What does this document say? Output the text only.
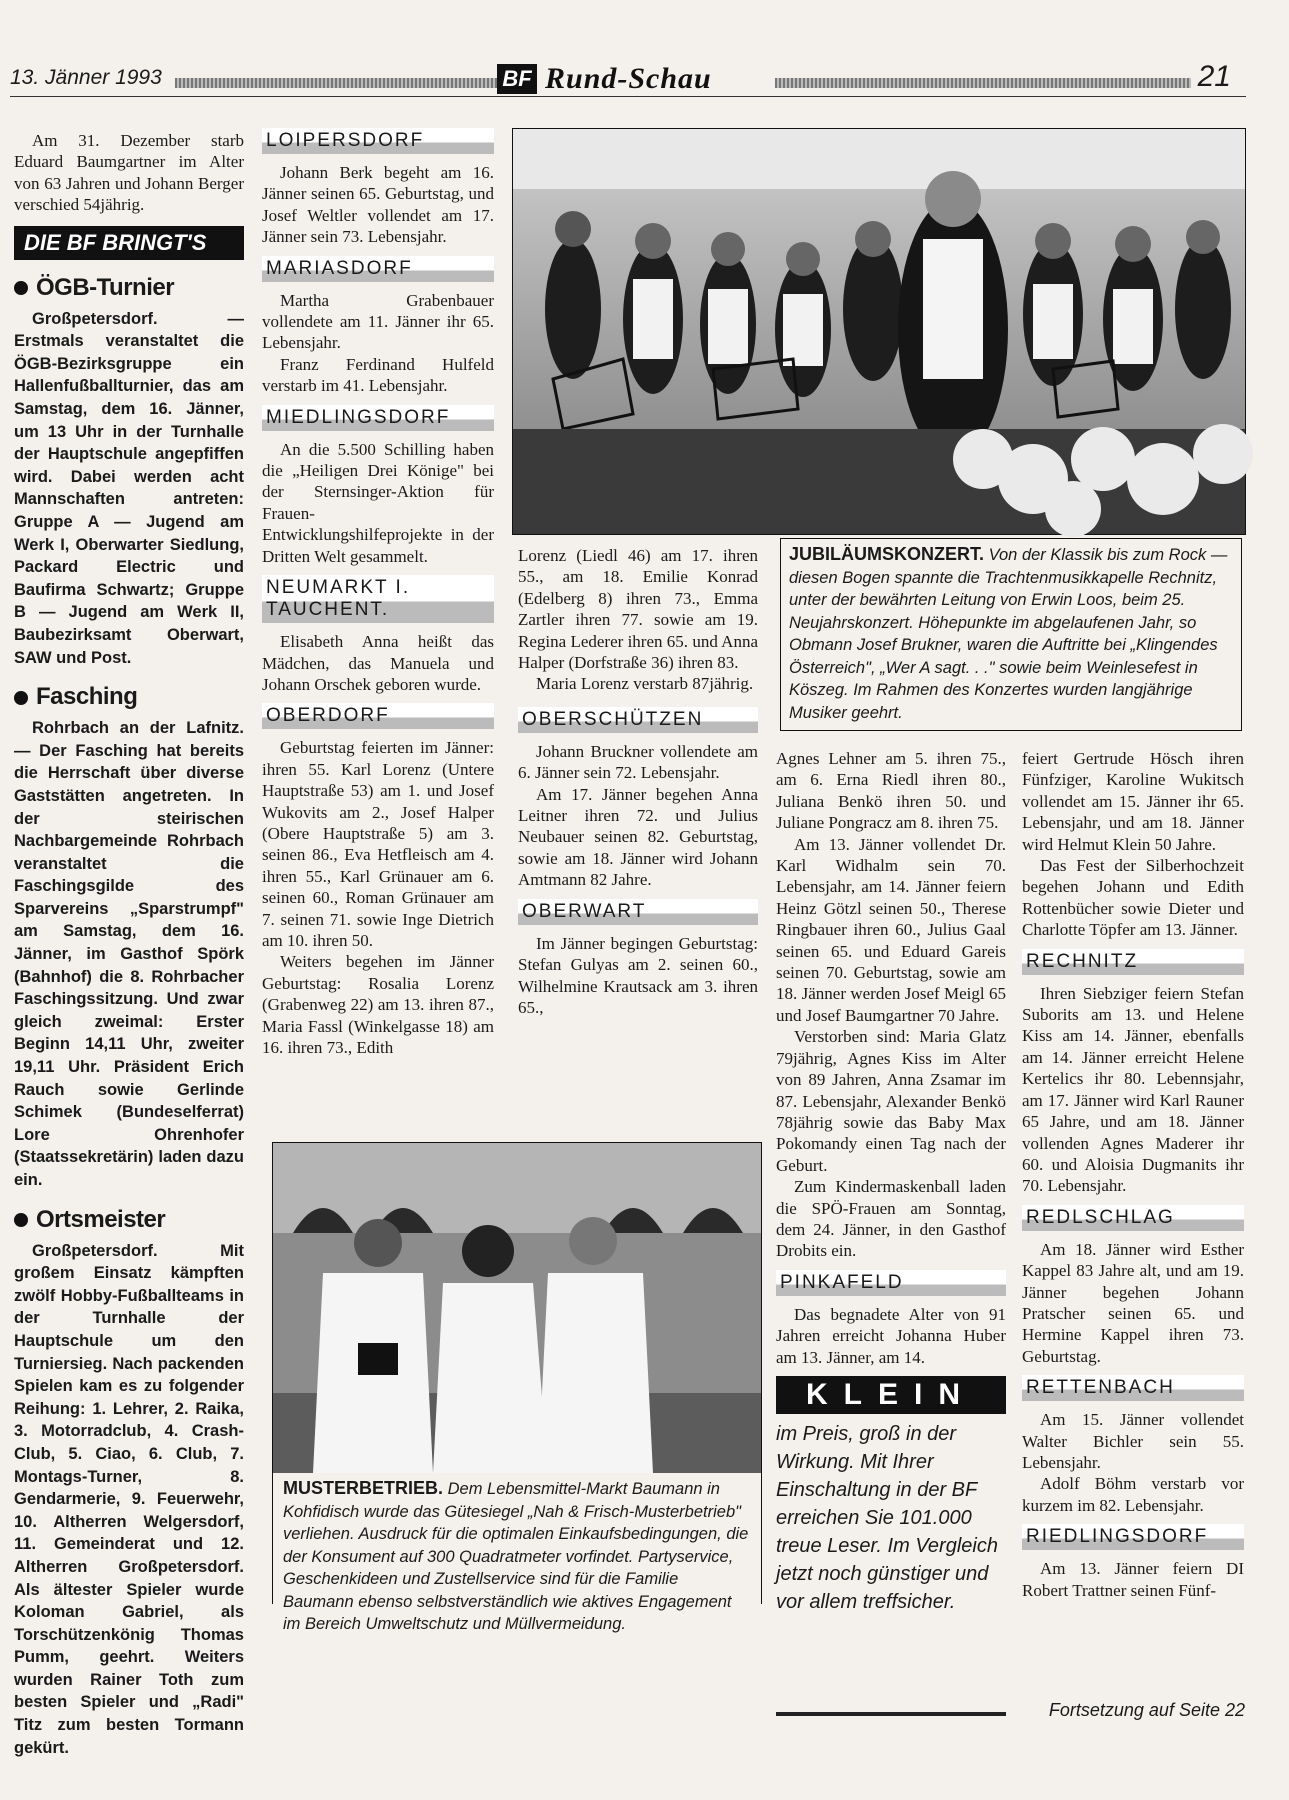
13. Jänner 1993	BF Rund-Schau	21

Am 31. Dezember starb Eduard Baumgartner im Alter von 63 Jahren und Johann Berger verschied 54jährig.

DIE BF BRINGT'S
ÖGB-Turnier

Großpetersdorf. — Erstmals veranstaltet die ÖGB-Bezirksgruppe ein Hallenfußballturnier, das am Samstag, dem 16. Jänner, um 13 Uhr in der Turnhalle der Hauptschule angepfiffen wird. Dabei werden acht Mannschaften antreten: Gruppe A — Jugend am Werk I, Oberwarter Siedlung, Packard Electric und Baufirma Schwartz; Gruppe B — Jugend am Werk II, Baubezirksamt Oberwart, SAW und Post.

Fasching

Rohrbach an der Lafnitz. — Der Fasching hat bereits die Herrschaft über diverse Gaststätten angetreten. In der steirischen Nachbargemeinde Rohrbach veranstaltet die Faschingsgilde des Sparvereins „Sparstrumpf" am Samstag, dem 16. Jänner, im Gasthof Spörk (Bahnhof) die 8. Rohrbacher Faschingssitzung. Und zwar gleich zweimal: Erster Beginn 14,11 Uhr, zweiter 19,11 Uhr. Präsident Erich Rauch sowie Gerlinde Schimek (Bundeselferrat) Lore Ohrenhofer (Staatssekretärin) laden dazu ein.

Ortsmeister

Großpetersdorf. Mit großem Einsatz kämpften zwölf Hobby-Fußballteams in der Turnhalle der Hauptschule um den Turniersieg. Nach packenden Spielen kam es zu folgender Reihung: 1. Lehrer, 2. Raika, 3. Motorradclub, 4. Crash-Club, 5. Ciao, 6. Club, 7. Montags-Turner, 8. Gendarmerie, 9. Feuerwehr, 10. Altherren Welgersdorf, 11. Gemeinderat und 12. Altherren Großpetersdorf. Als ältester Spieler wurde Koloman Gabriel, als Torschützenkönig Thomas Pumm, geehrt. Weiters wurden Rainer Toth zum besten Spieler und „Radi" Titz zum besten Tormann gekürt.

LOIPERSDORF

Johann Berk begeht am 16. Jänner seinen 65. Geburtstag, und Josef Weltler vollendet am 17. Jänner sein 73. Lebensjahr.

MARIASDORF

Martha Grabenbauer vollendete am 11. Jänner ihr 65. Lebensjahr.

Franz Ferdinand Hulfeld verstarb im 41. Lebensjahr.

MIEDLINGSDORF

An die 5.500 Schilling haben die „Heiligen Drei Könige" bei der Sternsinger-Aktion für Frauen-Entwicklungshilfeprojekte in der Dritten Welt gesammelt.

NEUMARKT I. TAUCHENT.

Elisabeth Anna heißt das Mädchen, das Manuela und Johann Orschek geboren wurde.

OBERDORF

Geburtstag feierten im Jänner: ihren 55. Karl Lorenz (Untere Hauptstraße 53) am 1. und Josef Wukovits am 2., Josef Halper (Obere Hauptstraße 5) am 3. seinen 86., Eva Hetfleisch am 4. ihren 55., Karl Grünauer am 6. seinen 60., Roman Grünauer am 7. seinen 71. sowie Inge Dietrich am 10. ihren 50.

Weiters begehen im Jänner Geburtstag: Rosalia Lorenz (Grabenweg 22) am 13. ihren 87., Maria Fassl (Winkelgasse 18) am 16. ihren 73., Edith

JUBILÄUMSKONZERT. Von der Klassik bis zum Rock — diesen Bogen spannte die Trachtenmusikkapelle Rechnitz, unter der bewährten Leitung von Erwin Loos, beim 25. Neujahrskonzert. Höhepunkte im abgelaufenen Jahr, so Obmann Josef Brukner, waren die Auftritte bei „Klingendes Österreich", „Wer A sagt. . ." sowie beim Weinlesefest in Köszeg. Im Rahmen des Konzertes wurden langjährige Musiker geehrt.

Lorenz (Liedl 46) am 17. ihren 55., am 18. Emilie Konrad (Edelberg 8) ihren 73., Emma Zartler ihren 77. sowie am 19. Regina Lederer ihren 65. und Anna Halper (Dorfstraße 36) ihren 83.

Maria Lorenz verstarb 87jährig.

OBERSCHÜTZEN

Johann Bruckner vollendete am 6. Jänner sein 72. Lebensjahr.

Am 17. Jänner begehen Anna Leitner ihren 72. und Julius Neubauer seinen 82. Geburtstag, sowie am 18. Jänner wird Johann Amtmann 82 Jahre.

OBERWART

Im Jänner begingen Geburtstag: Stefan Gulyas am 2. seinen 60., Wilhelmine Krautsack am 3. ihren 65.,

MUSTERBETRIEB. Dem Lebensmittel-Markt Baumann in Kohfidisch wurde das Gütesiegel „Nah & Frisch-Musterbetrieb" verliehen. Ausdruck für die optimalen Einkaufsbedingungen, die der Konsument auf 300 Quadratmeter vorfindet. Partyservice, Geschenkideen und Zustellservice sind für die Familie Baumann ebenso selbstverständlich wie aktives Engagement im Bereich Umweltschutz und Müllvermeidung.

Agnes Lehner am 5. ihren 75., am 6. Erna Riedl ihren 80., Juliana Benkö ihren 50. und Juliane Pongracz am 8. ihren 75.

Am 13. Jänner vollendet Dr. Karl Widhalm sein 70. Lebensjahr, am 14. Jänner feiern Heinz Götzl seinen 50., Therese Ringbauer ihren 60., Julius Gaal seinen 65. und Eduard Gareis seinen 70. Geburtstag, sowie am 18. Jänner werden Josef Meigl 65 und Josef Baumgartner 70 Jahre.

Verstorben sind: Maria Glatz 79jährig, Agnes Kiss im Alter von 89 Jahren, Anna Zsamar im 87. Lebensjahr, Alexander Benkö 78jährig sowie das Baby Max Pokomandy einen Tag nach der Geburt.

Zum Kindermaskenball laden die SPÖ-Frauen am Sonntag, dem 24. Jänner, in den Gasthof Drobits ein.

PINKAFELD

Das begnadete Alter von 91 Jahren erreicht Johanna Huber am 13. Jänner, am 14.

KLEIN

im Preis, groß in der Wirkung. Mit Ihrer Einschaltung in der BF erreichen Sie 101.000 treue Leser. Im Vergleich jetzt noch günstiger und vor allem treffsicher.

feiert Gertrude Hösch ihren Fünfziger, Karoline Wukitsch vollendet am 15. Jänner ihr 65. Lebensjahr, und am 18. Jänner wird Helmut Klein 50 Jahre.

Das Fest der Silberhochzeit begehen Johann und Edith Rottenbücher sowie Dieter und Charlotte Töpfer am 13. Jänner.

RECHNITZ

Ihren Siebziger feiern Stefan Suborits am 13. und Helene Kiss am 14. Jänner, ebenfalls am 14. Jänner erreicht Helene Kertelics ihr 80. Lebennsjahr, am 17. Jänner wird Karl Rauner 65 Jahre, und am 18. Jänner vollenden Agnes Maderer ihr 60. und Aloisia Dugmanits ihr 70. Lebensjahr.

REDLSCHLAG

Am 18. Jänner wird Esther Kappel 83 Jahre alt, und am 19. Jänner begehen Johann Pratscher seinen 65. und Hermine Kappel ihren 73. Geburtstag.

RETTENBACH

Am 15. Jänner vollendet Walter Bichler sein 55. Lebensjahr.

Adolf Böhm verstarb vor kurzem im 82. Lebensjahr.

RIEDLINGSDORF

Am 13. Jänner feiern DI Robert Trattner seinen Fünf-

Fortsetzung auf Seite 22
